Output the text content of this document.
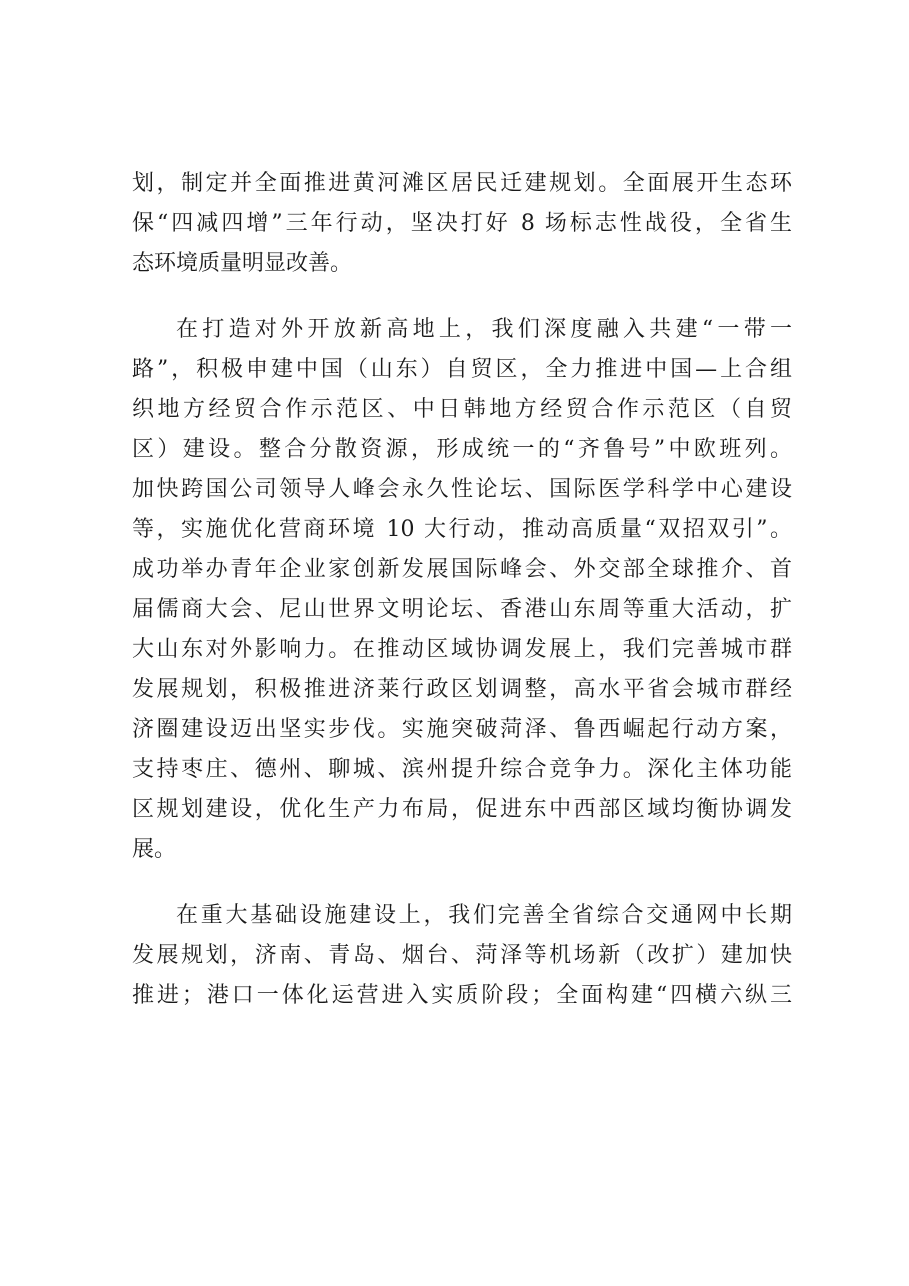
划，制定并全面推进黄河滩区居民迁建规划。全面展开生态环
保“四减四增”三年行动，坚决打好 8 场标志性战役，全省生
态环境质量明显改善。
在打造对外开放新高地上，我们深度融入共建“一带一
路”，积极申建中国（山东）自贸区，全力推进中国—上合组
织地方经贸合作示范区、中日韩地方经贸合作示范区（自贸
区）建设。整合分散资源，形成统一的“齐鲁号”中欧班列。
加快跨国公司领导人峰会永久性论坛、国际医学科学中心建设
等，实施优化营商环境 10 大行动，推动高质量“双招双引”。
成功举办青年企业家创新发展国际峰会、外交部全球推介、首
届儒商大会、尼山世界文明论坛、香港山东周等重大活动，扩
大山东对外影响力。在推动区域协调发展上，我们完善城市群
发展规划，积极推进济莱行政区划调整，高水平省会城市群经
济圈建设迈出坚实步伐。实施突破菏泽、鲁西崛起行动方案，
支持枣庄、德州、聊城、滨州提升综合竞争力。深化主体功能
区规划建设，优化生产力布局，促进东中西部区域均衡协调发
展。
在重大基础设施建设上，我们完善全省综合交通网中长期
发展规划，济南、青岛、烟台、菏泽等机场新（改扩）建加快
推进；港口一体化运营进入实质阶段；全面构建“四横六纵三
